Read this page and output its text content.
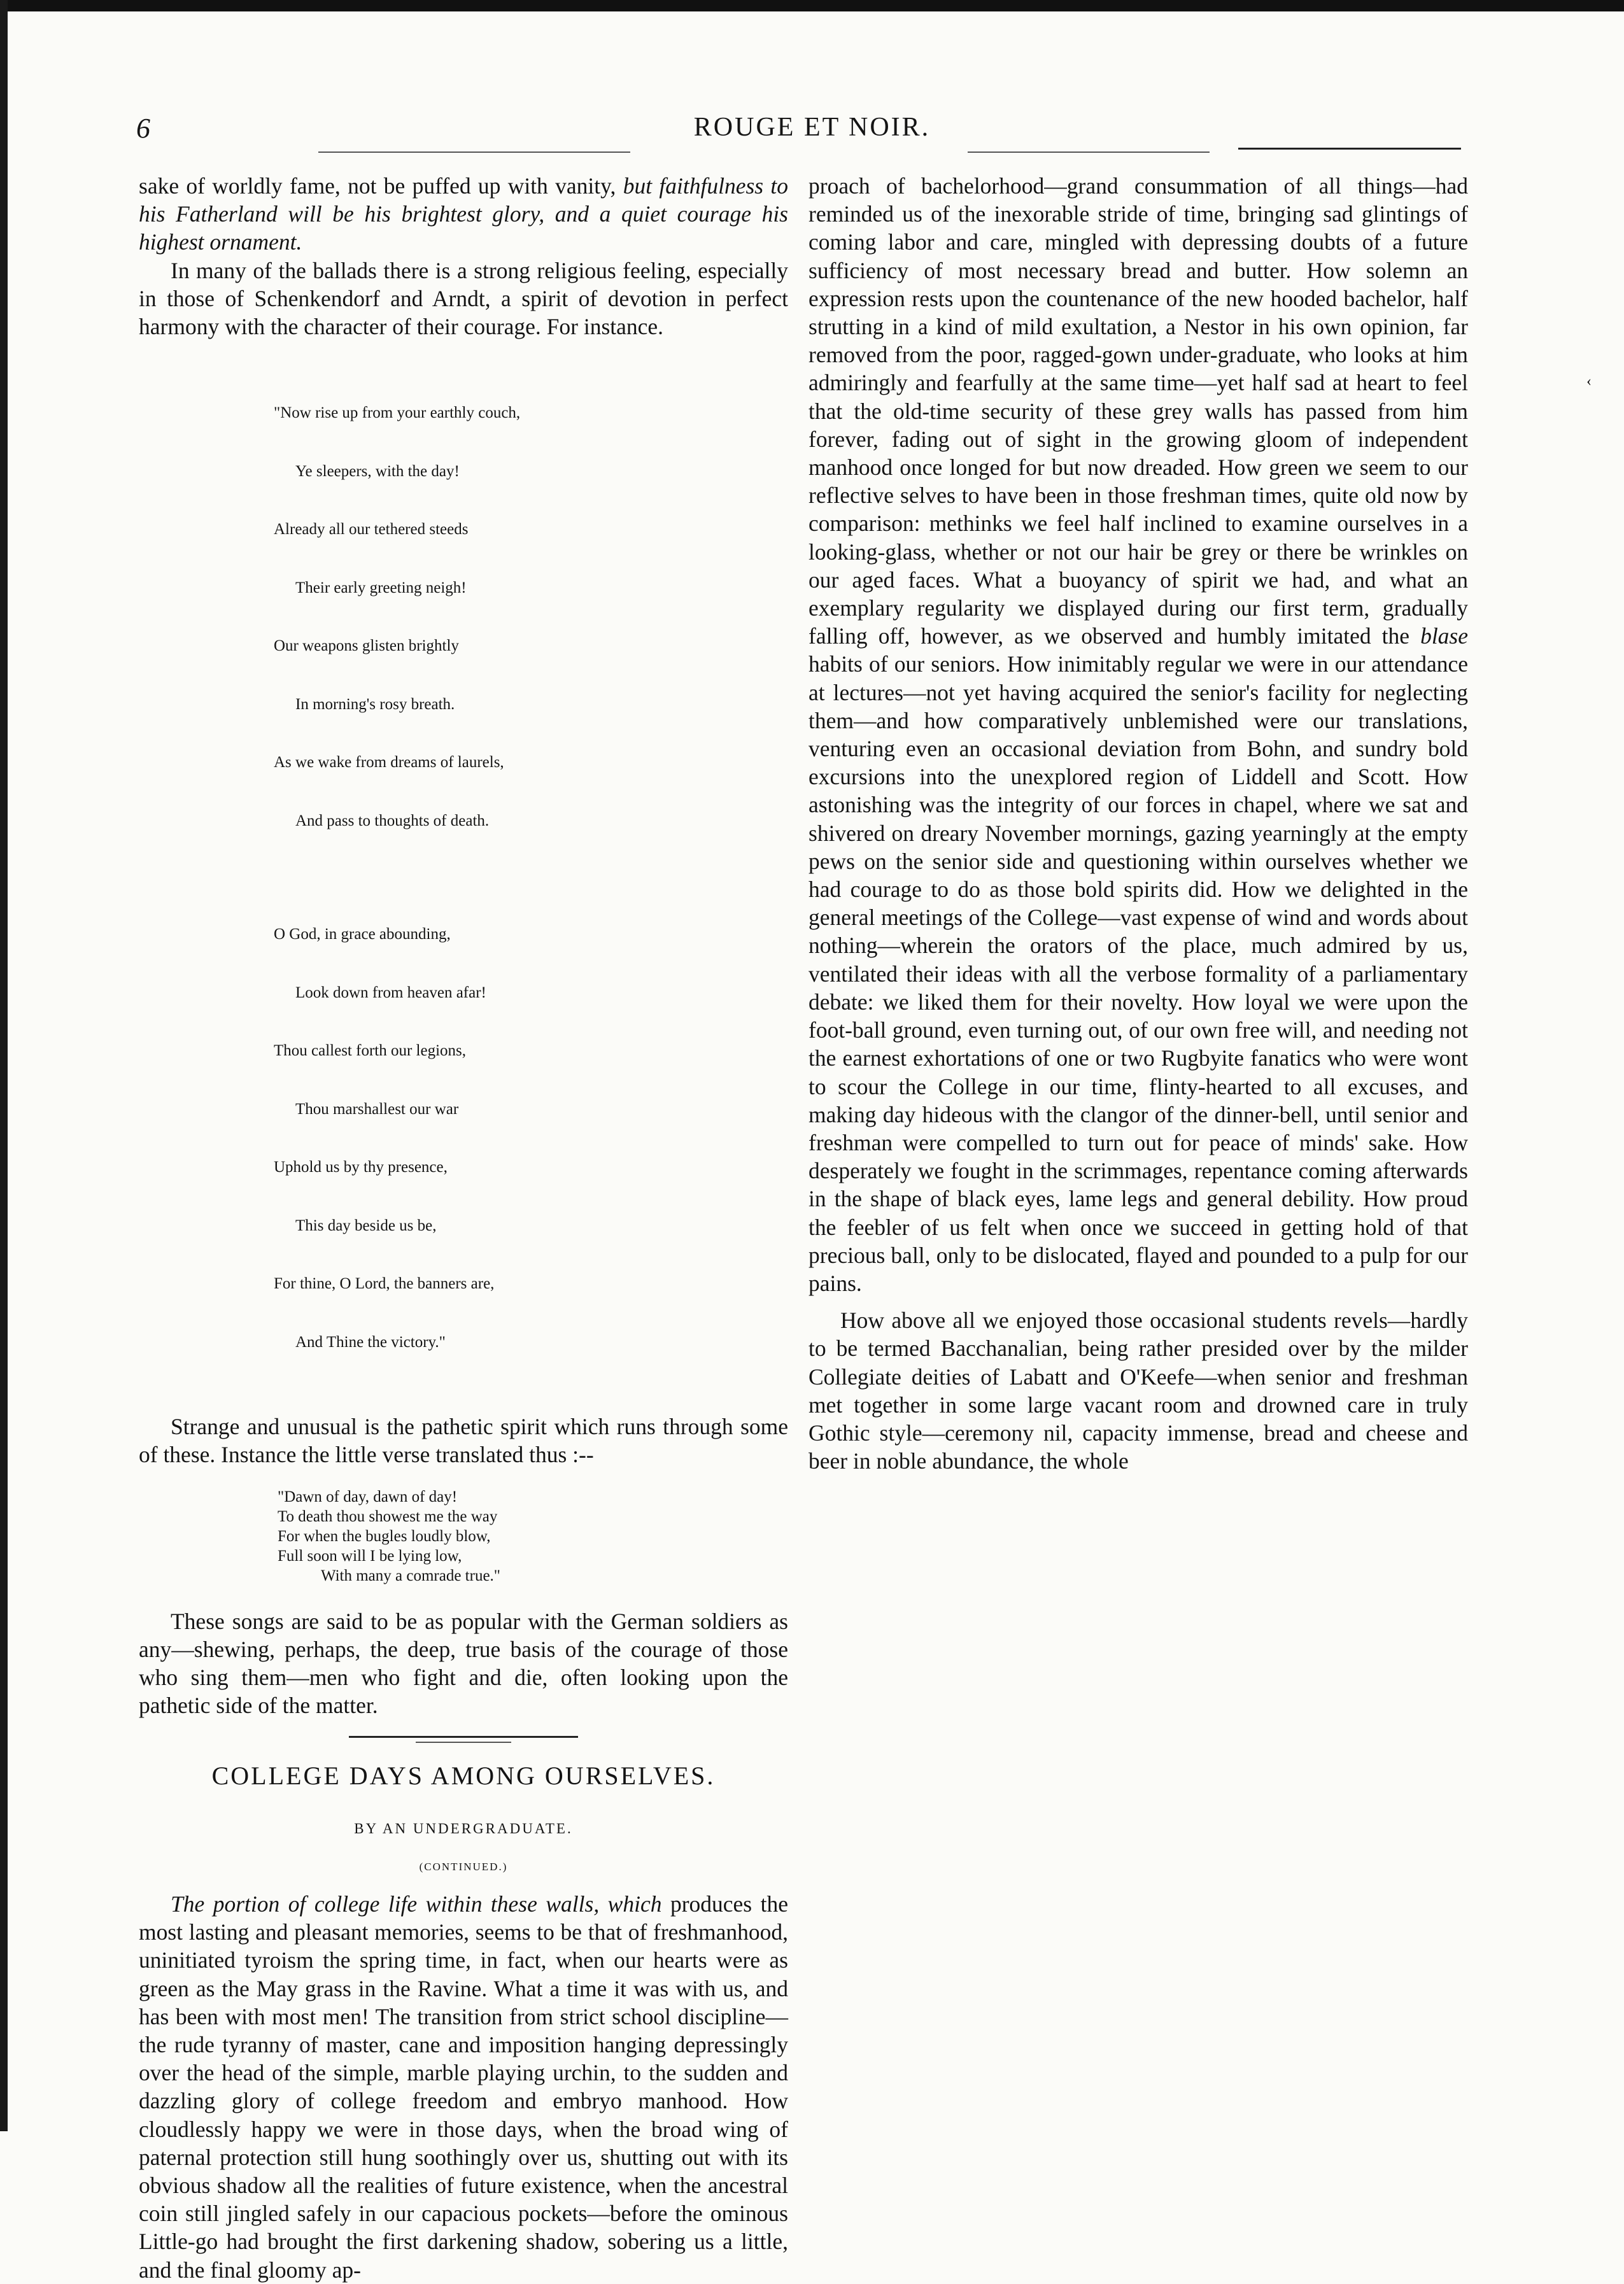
6	ROUGE ET NOIR.

sake of worldly fame, not be puffed up with vanity, but faithfulness to his Fatherland will be his brightest glory, and a quiet courage his highest ornament.

In many of the ballads there is a strong religious feeling, especially in those of Schenkendorf and Arndt, a spirit of devotion in perfect harmony with the character of their courage. For instance.

"Now rise up from your earthly couch,

Ye sleepers, with the day!

Already all our tethered steeds

Their early greeting neigh!

Our weapons glisten brightly

In morning's rosy breath.

As we wake from dreams of laurels,

And pass to thoughts of death.

O God, in grace abounding,

Look down from heaven afar!

Thou callest forth our legions,

Thou marshallest our war

Uphold us by thy presence,

This day beside us be,

For thine, O Lord, the banners are,

And Thine the victory."

Strange and unusual is the pathetic spirit which runs through some of these. Instance the little verse translated thus :--

"Dawn of day, dawn of day!
To death thou showest me the way
For when the bugles loudly blow,
Full soon will I be lying low,
With many a comrade true."

These songs are said to be as popular with the German soldiers as any—shewing, perhaps, the deep, true basis of the courage of those who sing them—men who fight and die, often looking upon the pathetic side of the matter.

COLLEGE DAYS AMONG OURSELVES.
BY AN UNDERGRADUATE.
(CONTINUED.)

The portion of college life within these walls, which produces the most lasting and pleasant memories, seems to be that of freshmanhood, uninitiated tyroism the spring time, in fact, when our hearts were as green as the May grass in the Ravine. What a time it was with us, and has been with most men! The transition from strict school discipline—the rude tyranny of master, cane and imposition hanging depressingly over the head of the simple, marble playing urchin, to the sudden and dazzling glory of college freedom and embryo manhood. How cloudlessly happy we were in those days, when the broad wing of paternal protection still hung soothingly over us, shutting out with its obvious shadow all the realities of future existence, when the ancestral coin still jingled safely in our capacious pockets—before the ominous Little-go had brought the first darkening shadow, sobering us a little, and the final gloomy ap-

proach of bachelorhood—grand consummation of all things—had reminded us of the inexorable stride of time, bringing sad glintings of coming labor and care, mingled with depressing doubts of a future sufficiency of most necessary bread and butter. How solemn an expression rests upon the countenance of the new hooded bachelor, half strutting in a kind of mild exultation, a Nestor in his own opinion, far removed from the poor, ragged-gown under-graduate, who looks at him admiringly and fearfully at the same time—yet half sad at heart to feel that the old-time security of these grey walls has passed from him forever, fading out of sight in the growing gloom of independent manhood once longed for but now dreaded. How green we seem to our reflective selves to have been in those freshman times, quite old now by comparison: methinks we feel half inclined to examine ourselves in a looking-glass, whether or not our hair be grey or there be wrinkles on our aged faces. What a buoyancy of spirit we had, and what an exemplary regularity we displayed during our first term, gradually falling off, however, as we observed and humbly imitated the blase habits of our seniors. How inimitably regular we were in our attendance at lectures—not yet having acquired the senior's facility for neglecting them—and how comparatively unblemished were our translations, venturing even an occasional deviation from Bohn, and sundry bold excursions into the unexplored region of Liddell and Scott. How astonishing was the integrity of our forces in chapel, where we sat and shivered on dreary November mornings, gazing yearningly at the empty pews on the senior side and questioning within ourselves whether we had courage to do as those bold spirits did. How we delighted in the general meetings of the College—vast expense of wind and words about nothing—wherein the orators of the place, much admired by us, ventilated their ideas with all the verbose formality of a parliamentary debate: we liked them for their novelty. How loyal we were upon the foot-ball ground, even turning out, of our own free will, and needing not the earnest exhortations of one or two Rugbyite fanatics who were wont to scour the College in our time, flinty-hearted to all excuses, and making day hideous with the clangor of the dinner-bell, until senior and freshman were compelled to turn out for peace of minds' sake. How desperately we fought in the scrimmages, repentance coming afterwards in the shape of black eyes, lame legs and general debility. How proud the feebler of us felt when once we succeed in getting hold of that precious ball, only to be dislocated, flayed and pounded to a pulp for our pains.

How above all we enjoyed those occasional students revels—hardly to be termed Bacchanalian, being rather presided over by the milder Collegiate deities of Labatt and O'Keefe—when senior and freshman met together in some large vacant room and drowned care in truly Gothic style—ceremony nil, capacity immense, bread and cheese and beer in noble abundance, the whole

‹
